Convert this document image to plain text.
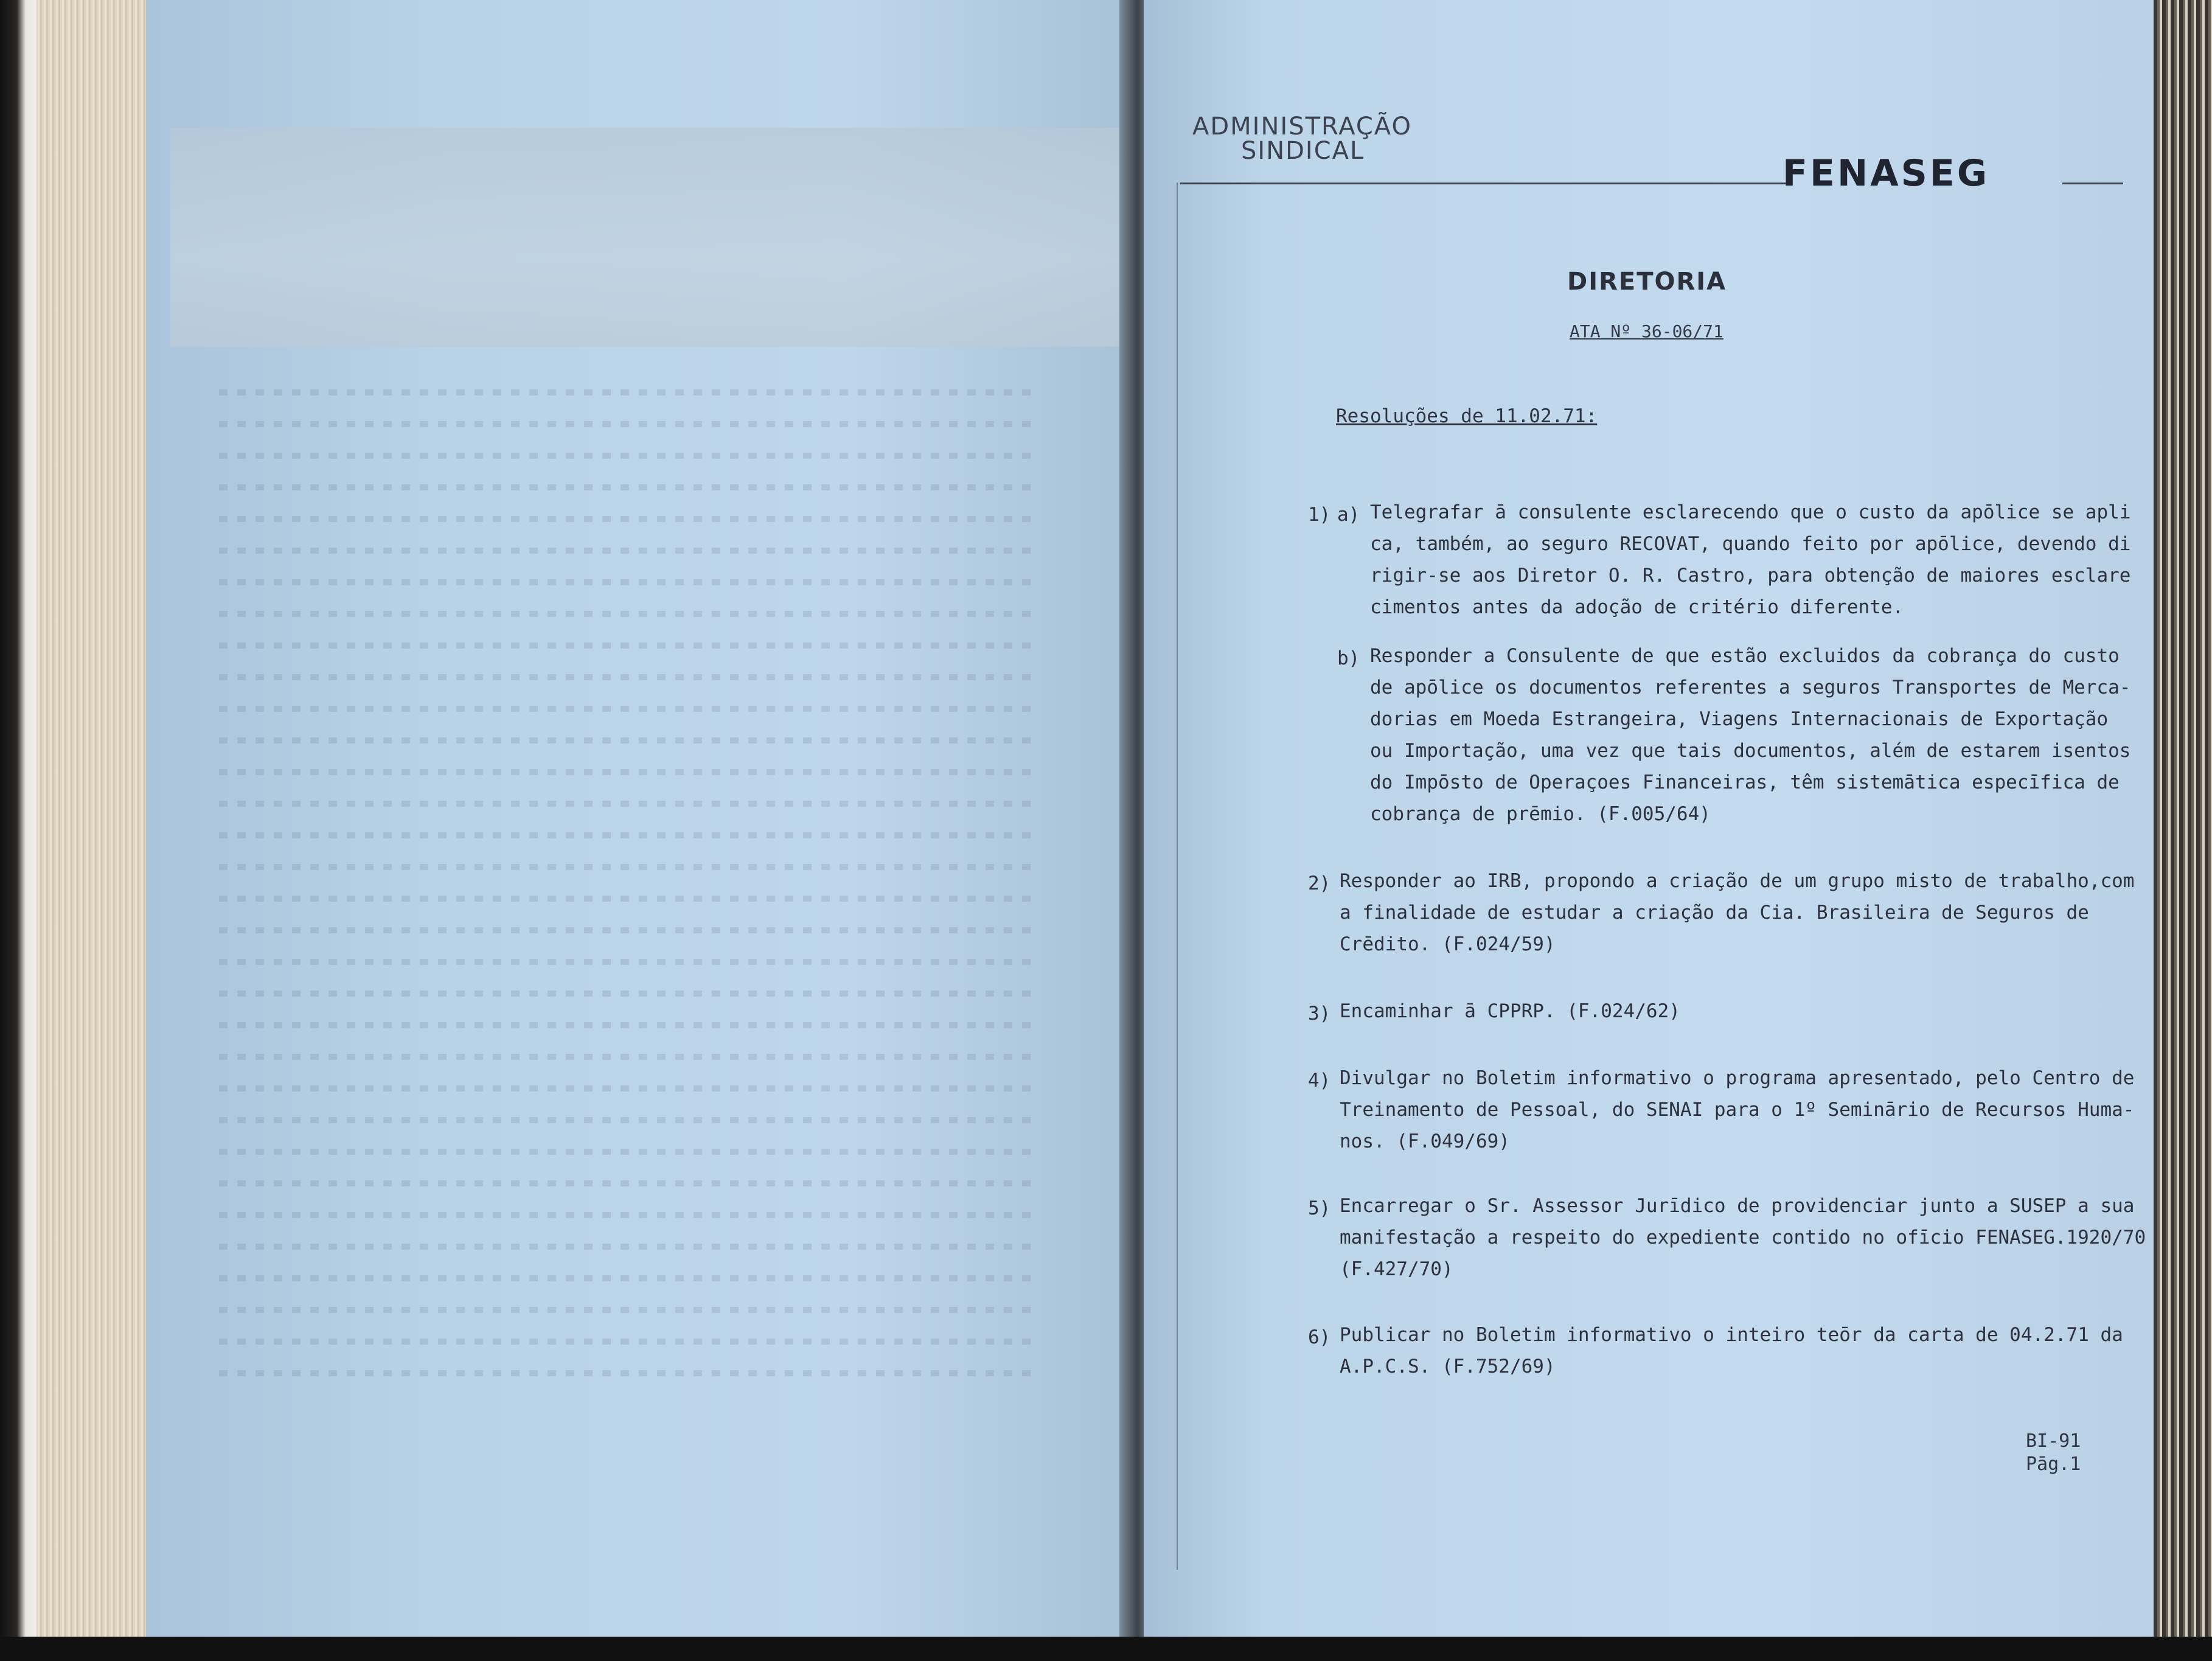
ADMINISTRAÇÃO
SINDICAL
FENASEG
DIRETORIA
ATA Nº 36-06/71
Resoluções de 11.02.71:
1) a) Telegrafar ā consulente esclarecendo que o custo da apōlice se apli
ca, também, ao seguro RECOVAT, quando feito por apōlice, devendo di
rigir-se aos Diretor O. R. Castro, para obtenção de maiores esclare
cimentos antes da adoção de critério diferente.
b) Responder a Consulente de que estão excluidos da cobrança do custo
de apōlice os documentos referentes a seguros Transportes de Merca-
dorias em Moeda Estrangeira, Viagens Internacionais de Exportação
ou Importação, uma vez que tais documentos, além de estarem isentos
do Impōsto de Operaçoes Financeiras, têm sistemātica especīfica de
cobrança de prēmio. (F.005/64)
2) Responder ao IRB, propondo a criação de um grupo misto de trabalho,com
a finalidade de estudar a criação da Cia. Brasileira de Seguros de
Crēdito. (F.024/59)
3) Encaminhar ā CPPRP. (F.024/62)
4) Divulgar no Boletim informativo o programa apresentado, pelo Centro de
Treinamento de Pessoal, do SENAI para o 1º Seminārio de Recursos Huma-
nos. (F.049/69)
5) Encarregar o Sr. Assessor Jurīdico de providenciar junto a SUSEP a sua
manifestação a respeito do expediente contido no ofīcio FENASEG.1920/70
(F.427/70)
6) Publicar no Boletim informativo o inteiro teōr da carta de 04.2.71 da
A.P.C.S. (F.752/69)
BI-91
Pāg.1
